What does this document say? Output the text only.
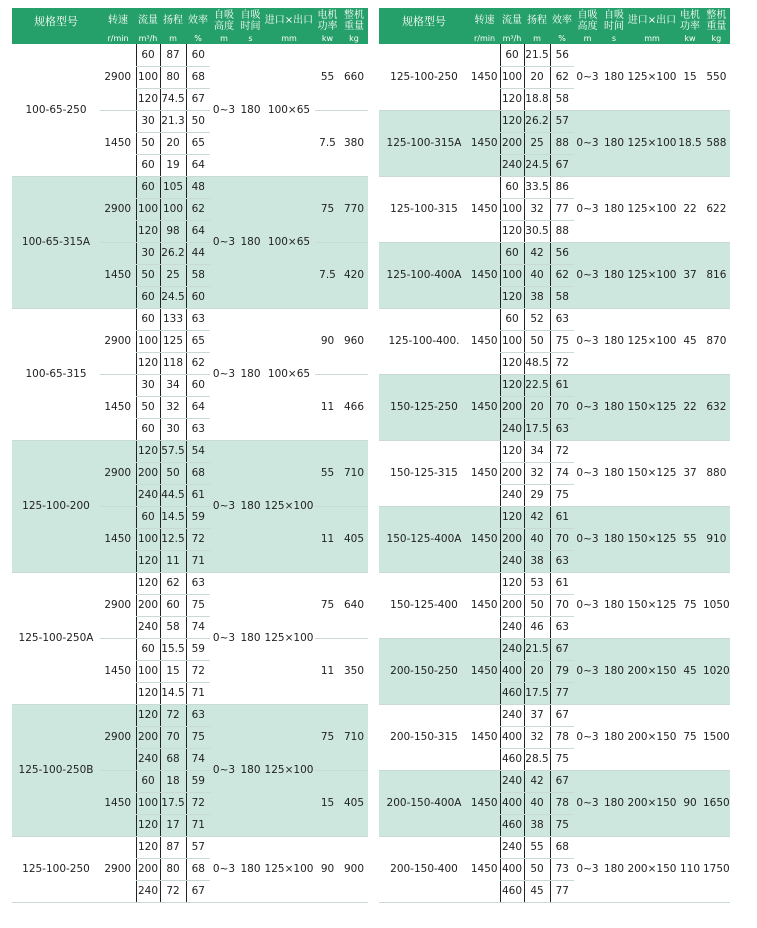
规格型号	转速	流量	扬程	效率	自吸高度	自吸时间	进口×出口	电机功率	整机重量
	r/min	m³/h	m	%	m	s	mm	kw	kg
100-65-250	2900	60	87	60	0~3	180	100×65	55	660
		100	80	68					
		120	74.5	67					
	1450	30	21.3	50				7.5	380
		50	20	65					
		60	19	64					
100-65-315A	2900	60	105	48	0~3	180	100×65	75	770
		100	100	62					
		120	98	64					
	1450	30	26.2	44				7.5	420
		50	25	58					
		60	24.5	60					
100-65-315	2900	60	133	63	0~3	180	100×65	90	960
		100	125	65					
		120	118	62					
	1450	30	34	60				11	466
		50	32	64					
		60	30	63					
125-100-200	2900	120	57.5	54	0~3	180	125×100	55	710
		200	50	68					
		240	44.5	61					
	1450	60	14.5	59				11	405
		100	12.5	72					
		120	11	71					
125-100-250A	2900	120	62	63	0~3	180	125×100	75	640
		200	60	75					
		240	58	74					
	1450	60	15.5	59				11	350
		100	15	72					
		120	14.5	71					
125-100-250B	2900	120	72	63	0~3	180	125×100	75	710
		200	70	75					
		240	68	74					
	1450	60	18	59				15	405
		100	17.5	72					
		120	17	71					
125-100-250	2900	120	87	57	0~3	180	125×100	90	900
		200	80	68					
		240	72	67					
规格型号	转速	流量	扬程	效率	自吸高度	自吸时间	进口×出口	电机功率	整机重量
	r/min	m³/h	m	%	m	s	mm	kw	kg
125-100-250	1450	60	21.5	56	0~3	180	125×100	15	550
		100	20	62					
		120	18.8	58					
125-100-315A	1450	120	26.2	57	0~3	180	125×100	18.5	588
		200	25	88					
		240	24.5	67					
125-100-315	1450	60	33.5	86	0~3	180	125×100	22	622
		100	32	77					
		120	30.5	88					
125-100-400A	1450	60	42	56	0~3	180	125×100	37	816
		100	40	62					
		120	38	58					
125-100-400.	1450	60	52	63	0~3	180	125×100	45	870
		100	50	75					
		120	48.5	72					
150-125-250	1450	120	22.5	61	0~3	180	150×125	22	632
		200	20	70					
		240	17.5	63					
150-125-315	1450	120	34	72	0~3	180	150×125	37	880
		200	32	74					
		240	29	75					
150-125-400A	1450	120	42	61	0~3	180	150×125	55	910
		200	40	70					
		240	38	63					
150-125-400	1450	120	53	61	0~3	180	150×125	75	1050
		200	50	70					
		240	46	63					
200-150-250	1450	240	21.5	67	0~3	180	200×150	45	1020
		400	20	79					
		460	17.5	77					
200-150-315	1450	240	37	67	0~3	180	200×150	75	1500
		400	32	78					
		460	28.5	75					
200-150-400A	1450	240	42	67	0~3	180	200×150	90	1650
		400	40	78					
		460	38	75					
200-150-400	1450	240	55	68	0~3	180	200×150	110	1750
		400	50	73					
		460	45	77					
